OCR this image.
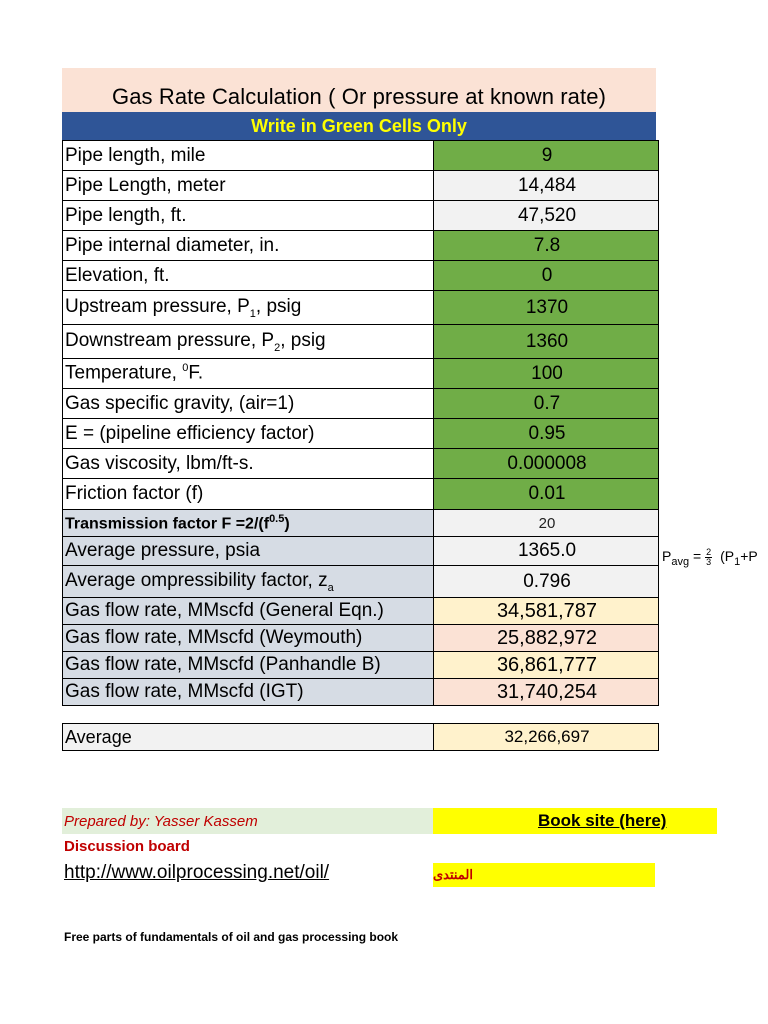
Gas Rate Calculation ( Or pressure at known rate)
Write in Green Cells Only
Pipe length, mile	9
Pipe Length, meter	14,484
Pipe length, ft.	47,520
Pipe internal diameter, in.	7.8
Elevation, ft.	0
Upstream pressure, $P_1$, psig	1370
Downstream pressure, $P_2$, psig	1360
Temperature, $^0$F.	100
Gas specific gravity, (air=1)	0.7
E = (pipeline efficiency factor)	0.95
Gas viscosity, lbm/ft-s.	0.000008
Friction factor (f)	0.01
Transmission factor $F =2/(f^{0.5})$	20
Average pressure, psia	1365.0
Average ompressibility factor, $z_a$	0.796
Gas flow rate, MMscfd (General Eqn.)	34,581,787
Gas flow rate, MMscfd (Weymouth)	25,882,972
Gas flow rate, MMscfd (Panhandle B)	36,861,777
Gas flow rate, MMscfd (IGT)	31,740,254
Average	32,266,697
$P_{avg} = \frac{2}{3} (P_1+P$
Prepared by: Yasser Kassem	Book site (here)
Discussion board
http://www.oilprocessing.net/oil/	المنتدى
Free parts of fundamentals of oil and gas processing book
